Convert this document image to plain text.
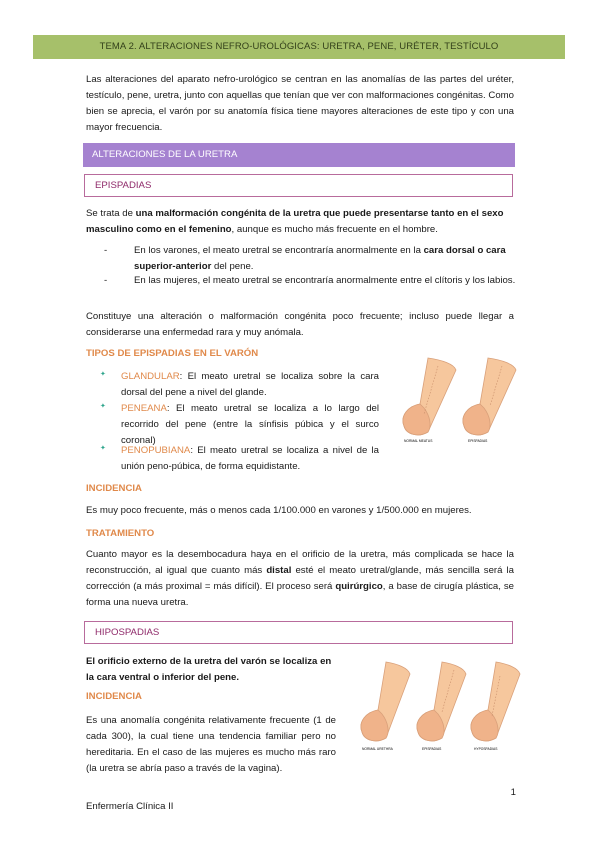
TEMA 2. ALTERACIONES NEFRO-UROLÓGICAS: URETRA, PENE, URÉTER, TESTÍCULO
Las alteraciones del aparato nefro-urológico se centran en las anomalías de las partes del uréter, testículo, pene, uretra, junto con aquellas que tenían que ver con malformaciones congénitas. Como bien se aprecia, el varón por su anatomía física tiene mayores alteraciones de este tipo y con una mayor frecuencia.
ALTERACIONES DE LA URETRA
EPISPADIAS
Se trata de una malformación congénita de la uretra que puede presentarse tanto en el sexo masculino como en el femenino, aunque es mucho más frecuente en el hombre.
-	En los varones, el meato uretral se encontraría anormalmente en la cara dorsal o cara superior-anterior del pene.
-	En las mujeres, el meato uretral se encontraría anormalmente entre el clítoris y los labios.
Constituye una alteración o malformación congénita poco frecuente; incluso puede llegar a considerarse una enfermedad rara y muy anómala.
TIPOS DE EPISPADIAS EN EL VARÓN
✦ GLANDULAR: El meato uretral se localiza sobre la cara dorsal del pene a nivel del glande.
✦ PENEANA: El meato uretral se localiza a lo largo del recorrido del pene (entre la sínfisis púbica y el surco coronal)
✦ PENOPUBIANA: El meato uretral se localiza a nivel de la unión peno-púbica, de forma equidistante.
NORMAL MEATUS	EPISPADIAS
INCIDENCIA
Es muy poco frecuente, más o menos cada 1/100.000 en varones y 1/500.000 en mujeres.
TRATAMIENTO
Cuanto mayor es la desembocadura haya en el orificio de la uretra, más complicada se hace la reconstrucción, al igual que cuanto más distal esté el meato uretral/glande, más sencilla será la corrección (a más proximal = más difícil). El proceso será quirúrgico, a base de cirugía plástica, se forma una nueva uretra.
HIPOSPADIAS
El orificio externo de la uretra del varón se localiza en la cara ventral o inferior del pene.
INCIDENCIA
Es una anomalía congénita relativamente frecuente (1 de cada 300), la cual tiene una tendencia familiar pero no hereditaria. En el caso de las mujeres es mucho más raro (la uretra se abría paso a través de la vagina).
NORMAL URETHRA	EPISPADIAS	HYPOSPADIAS
1
Enfermería Clínica II
